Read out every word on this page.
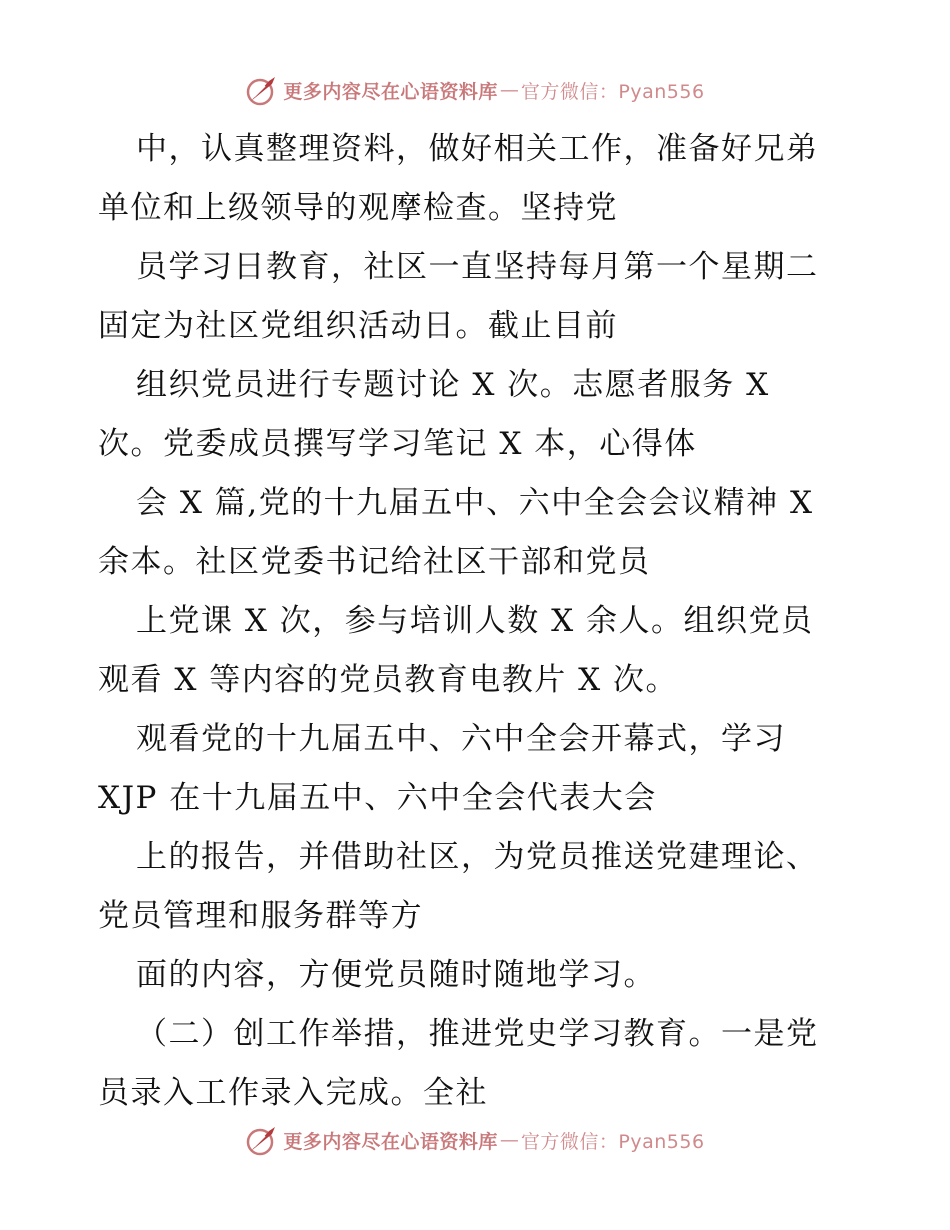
更多内容尽在心语资料库 — 官方微信：Pyan556
中，认真整理资料，做好相关工作，准备好兄弟
单位和上级领导的观摩检查。坚持党
员学习日教育，社区一直坚持每月第一个星期二
固定为社区党组织活动日。截止目前
组织党员进行专题讨论 X 次。志愿者服务 X
次。党委成员撰写学习笔记 X 本，心得体
会 X 篇,党的十九届五中、六中全会会议精神 X
余本。社区党委书记给社区干部和党员
上党课 X 次，参与培训人数 X 余人。组织党员
观看 X 等内容的党员教育电教片 X 次。
观看党的十九届五中、六中全会开幕式，学习
XJP 在十九届五中、六中全会代表大会
上的报告，并借助社区，为党员推送党建理论、
党员管理和服务群等方
面的内容，方便党员随时随地学习。
（二）创工作举措，推进党史学习教育。一是党
员录入工作录入完成。全社
更多内容尽在心语资料库 — 官方微信：Pyan556
